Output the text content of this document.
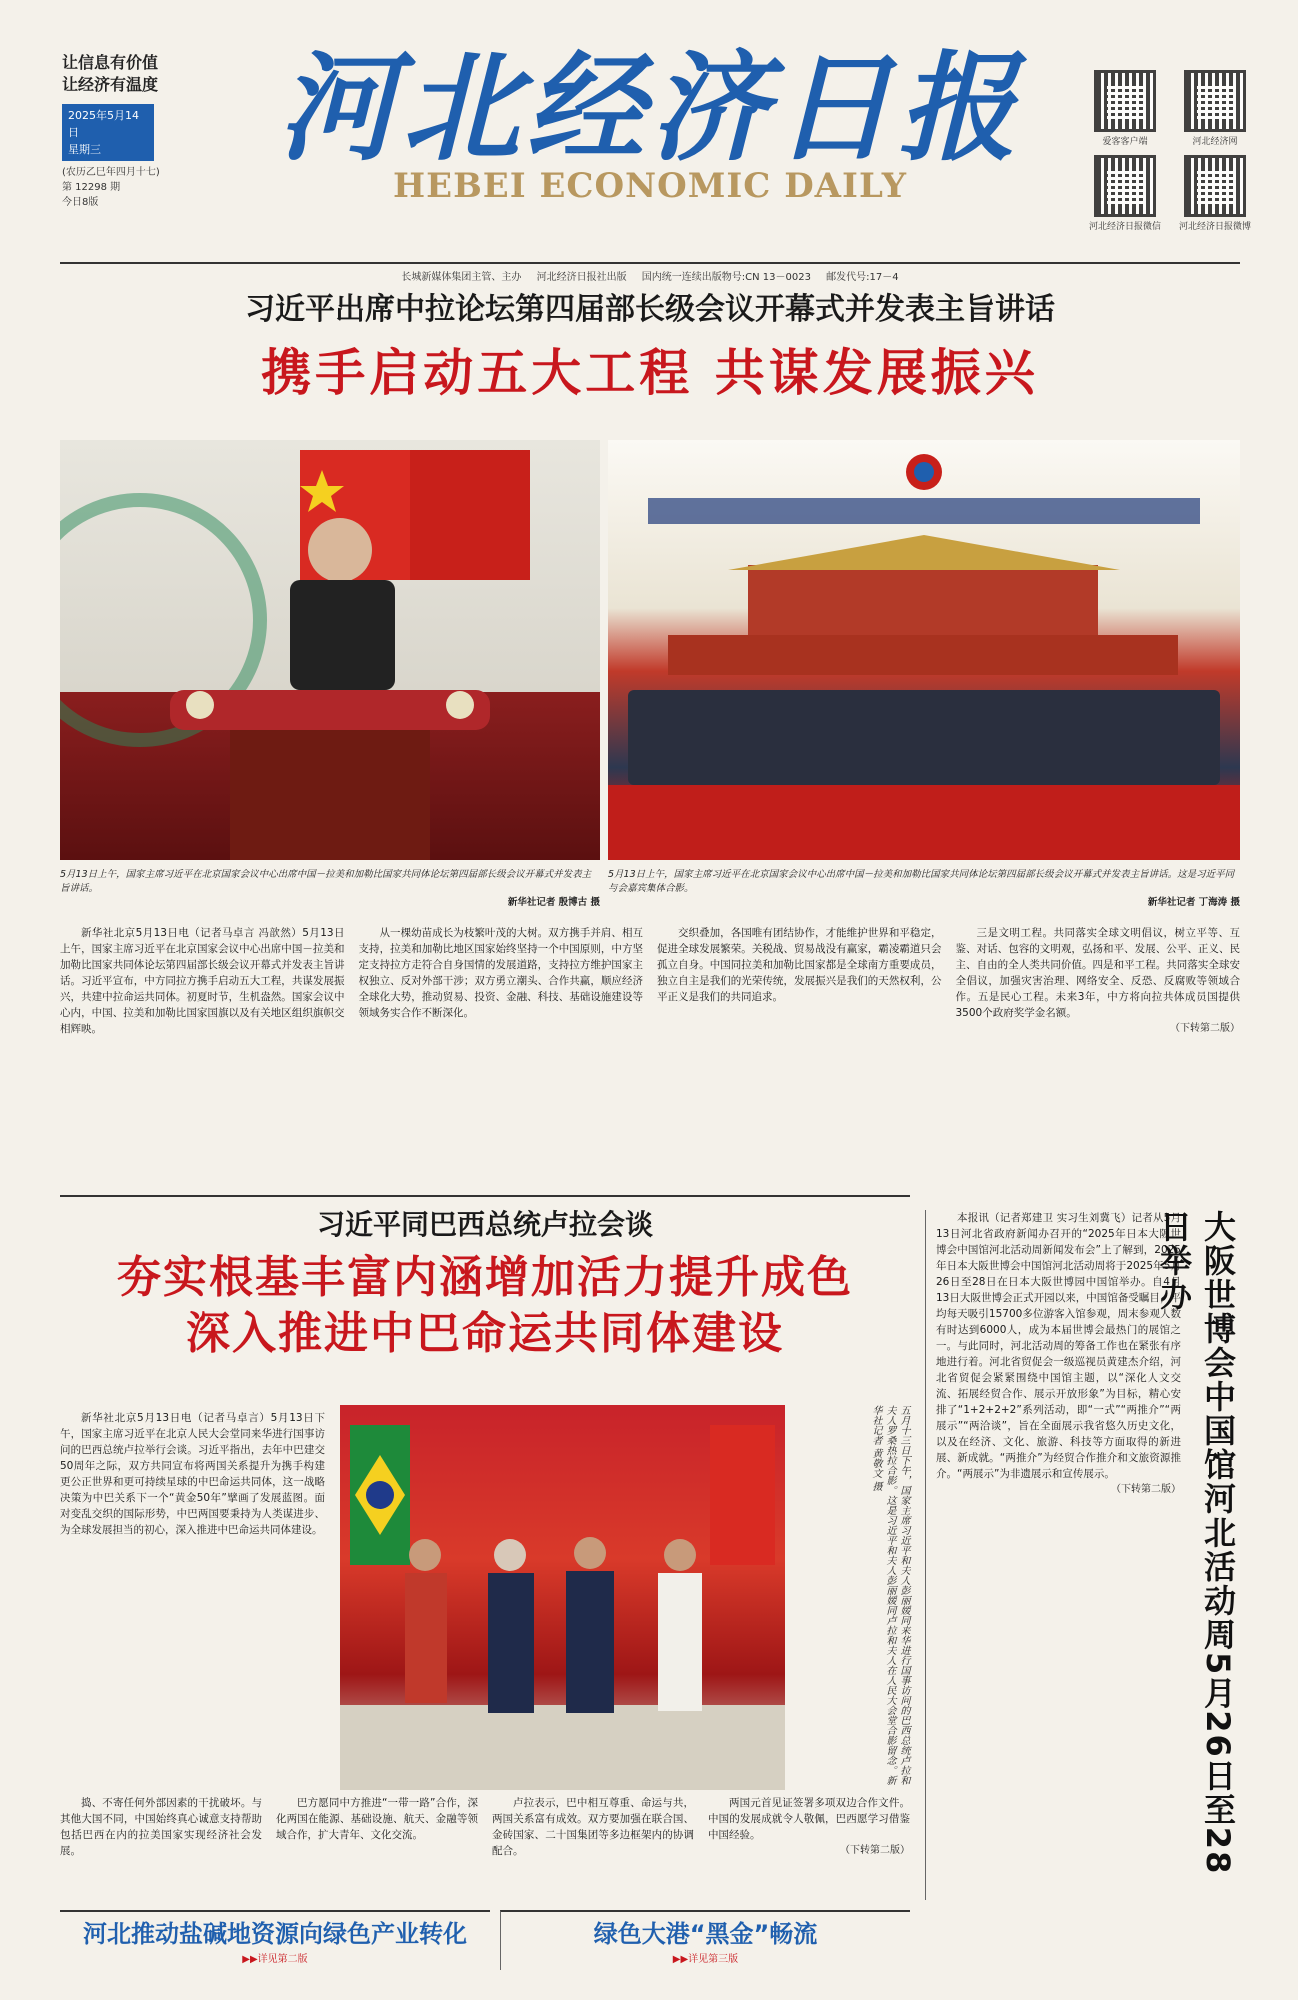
让信息有价值
让经济有温度
2025年5月14日
星期三
(农历乙巳年四月十七)
第 12298 期
今日8版
河北经济日报
HEBEI ECONOMIC DAILY
爱客客户端	河北经济网
河北经济日报微信	河北经济日报微博
长城新媒体集团主管、主办 河北经济日报社出版 国内统一连续出版物号:CN 13－0023 邮发代号:17－4
习近平出席中拉论坛第四届部长级会议开幕式并发表主旨讲话
携手启动五大工程 共谋发展振兴
5月13日上午，国家主席习近平在北京国家会议中心出席中国－拉美和加勒比国家共同体论坛第四届部长级会议开幕式并发表主旨讲话。
新华社记者 殷博古 摄
5月13日上午，国家主席习近平在北京国家会议中心出席中国－拉美和加勒比国家共同体论坛第四届部长级会议开幕式并发表主旨讲话。这是习近平同与会嘉宾集体合影。
新华社记者 丁海涛 摄

新华社北京5月13日电（记者马卓言 冯歆然）5月13日上午，国家主席习近平在北京国家会议中心出席中国－拉美和加勒比国家共同体论坛第四届部长级会议开幕式并发表主旨讲话。习近平宣布，中方同拉方携手启动五大工程，共谋发展振兴，共建中拉命运共同体。初夏时节，生机盎然。国家会议中心内，中国、拉美和加勒比国家国旗以及有关地区组织旗帜交相辉映。

从一棵幼苗成长为枝繁叶茂的大树。双方携手并肩、相互支持，拉美和加勒比地区国家始终坚持一个中国原则，中方坚定支持拉方走符合自身国情的发展道路，支持拉方维护国家主权独立、反对外部干涉；双方勇立潮头、合作共赢，顺应经济全球化大势，推动贸易、投资、金融、科技、基础设施建设等领域务实合作不断深化。

交织叠加，各国唯有团结协作，才能维护世界和平稳定，促进全球发展繁荣。关税战、贸易战没有赢家，霸凌霸道只会孤立自身。中国同拉美和加勒比国家都是全球南方重要成员，独立自主是我们的光荣传统，发展振兴是我们的天然权利，公平正义是我们的共同追求。

三是文明工程。共同落实全球文明倡议，树立平等、互鉴、对话、包容的文明观，弘扬和平、发展、公平、正义、民主、自由的全人类共同价值。四是和平工程。共同落实全球安全倡议，加强灾害治理、网络安全、反恐、反腐败等领域合作。五是民心工程。未来3年，中方将向拉共体成员国提供3500个政府奖学金名额。

（下转第二版）
习近平同巴西总统卢拉会谈
夯实根基丰富内涵增加活力提升成色
深入推进中巴命运共同体建设

新华社北京5月13日电（记者马卓言）5月13日下午，国家主席习近平在北京人民大会堂同来华进行国事访问的巴西总统卢拉举行会谈。习近平指出，去年中巴建交50周年之际，双方共同宣布将两国关系提升为携手构建更公正世界和更可持续星球的中巴命运共同体，这一战略决策为中巴关系下一个“黄金50年”擘画了发展蓝图。面对变乱交织的国际形势，中巴两国要秉持为人类谋进步、为全球发展担当的初心，深入推进中巴命运共同体建设。	五月十三日下午，国家主席习近平和夫人彭丽媛同来华进行国事访问的巴西总统卢拉和夫人罗桑热拉合影。这是习近平和夫人彭丽媛同卢拉和夫人在人民大会堂合影留念。新华社记者 黄敬文 摄

捣、不寄任何外部因素的干扰破坏。与其他大国不同，中国始终真心诚意支持帮助包括巴西在内的拉美国家实现经济社会发展。

巴方愿同中方推进“一带一路”合作，深化两国在能源、基础设施、航天、金融等领域合作，扩大青年、文化交流。

卢拉表示，巴中相互尊重、命运与共，两国关系富有成效。双方要加强在联合国、金砖国家、二十国集团等多边框架内的协调配合。

两国元首见证签署多项双边合作文件。中国的发展成就令人敬佩，巴西愿学习借鉴中国经验。

（下转第二版）

本报讯（记者郑建卫 实习生刘冀飞）记者从5月13日河北省政府新闻办召开的“2025年日本大阪世博会中国馆河北活动周新闻发布会”上了解到，2025年日本大阪世博会中国馆河北活动周将于2025年5月26日至28日在日本大阪世博园中国馆举办。自4月13日大阪世博会正式开园以来，中国馆备受瞩目，平均每天吸引15700多位游客入馆参观，周末参观人数有时达到6000人，成为本届世博会最热门的展馆之一。与此同时，河北活动周的筹备工作也在紧张有序地进行着。河北省贸促会一级巡视员黄建杰介绍，河北省贸促会紧紧围绕中国馆主题，以“深化人文交流、拓展经贸合作、展示开放形象”为目标，精心安排了“1+2+2+2”系列活动，即“一式”“两推介”“两展示”“两洽谈”，旨在全面展示我省悠久历史文化，以及在经济、文化、旅游、科技等方面取得的新进展、新成就。“两推介”为经贸合作推介和文旅资源推介。“两展示”为非遗展示和宣传展示。

（下转第二版） 大阪世博会中国馆河北活动周5月26日至28日举办
河北推动盐碱地资源向绿色产业转化
▶▶详见第二版
绿色大港“黑金”畅流
▶▶详见第三版
